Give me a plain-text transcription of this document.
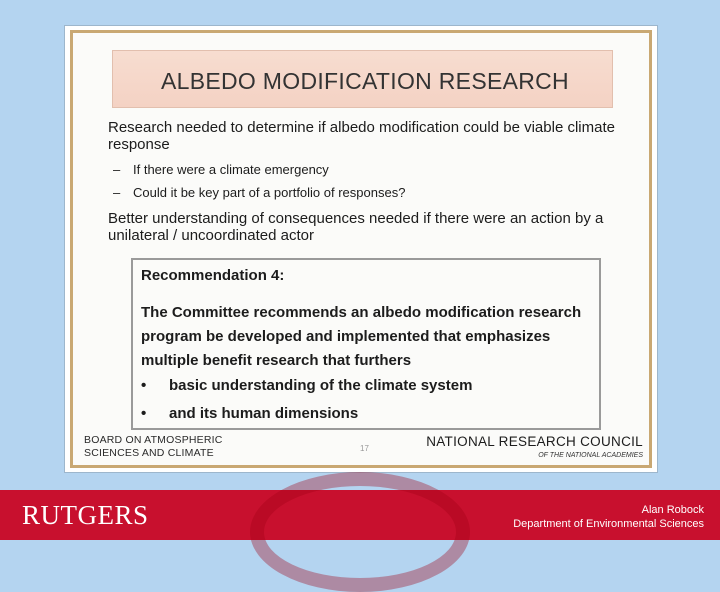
ALBEDO MODIFICATION RESEARCH
Research needed to determine if albedo modification could be viable climate response
– If there were a climate emergency
– Could it be key part of a portfolio of responses?
Better understanding of consequences needed if there were an action by a unilateral / uncoordinated actor
Recommendation 4:
The Committee recommends an albedo modification research program be developed and implemented that emphasizes multiple benefit research that furthers
• basic understanding of the climate system
• and its human dimensions
BOARD ON ATMOSPHERIC
SCIENCES AND CLIMATE	17	NATIONAL RESEARCH COUNCIL
OF THE NATIONAL ACADEMIES
RUTGERS	Alan Robock
Department of Environmental Sciences
